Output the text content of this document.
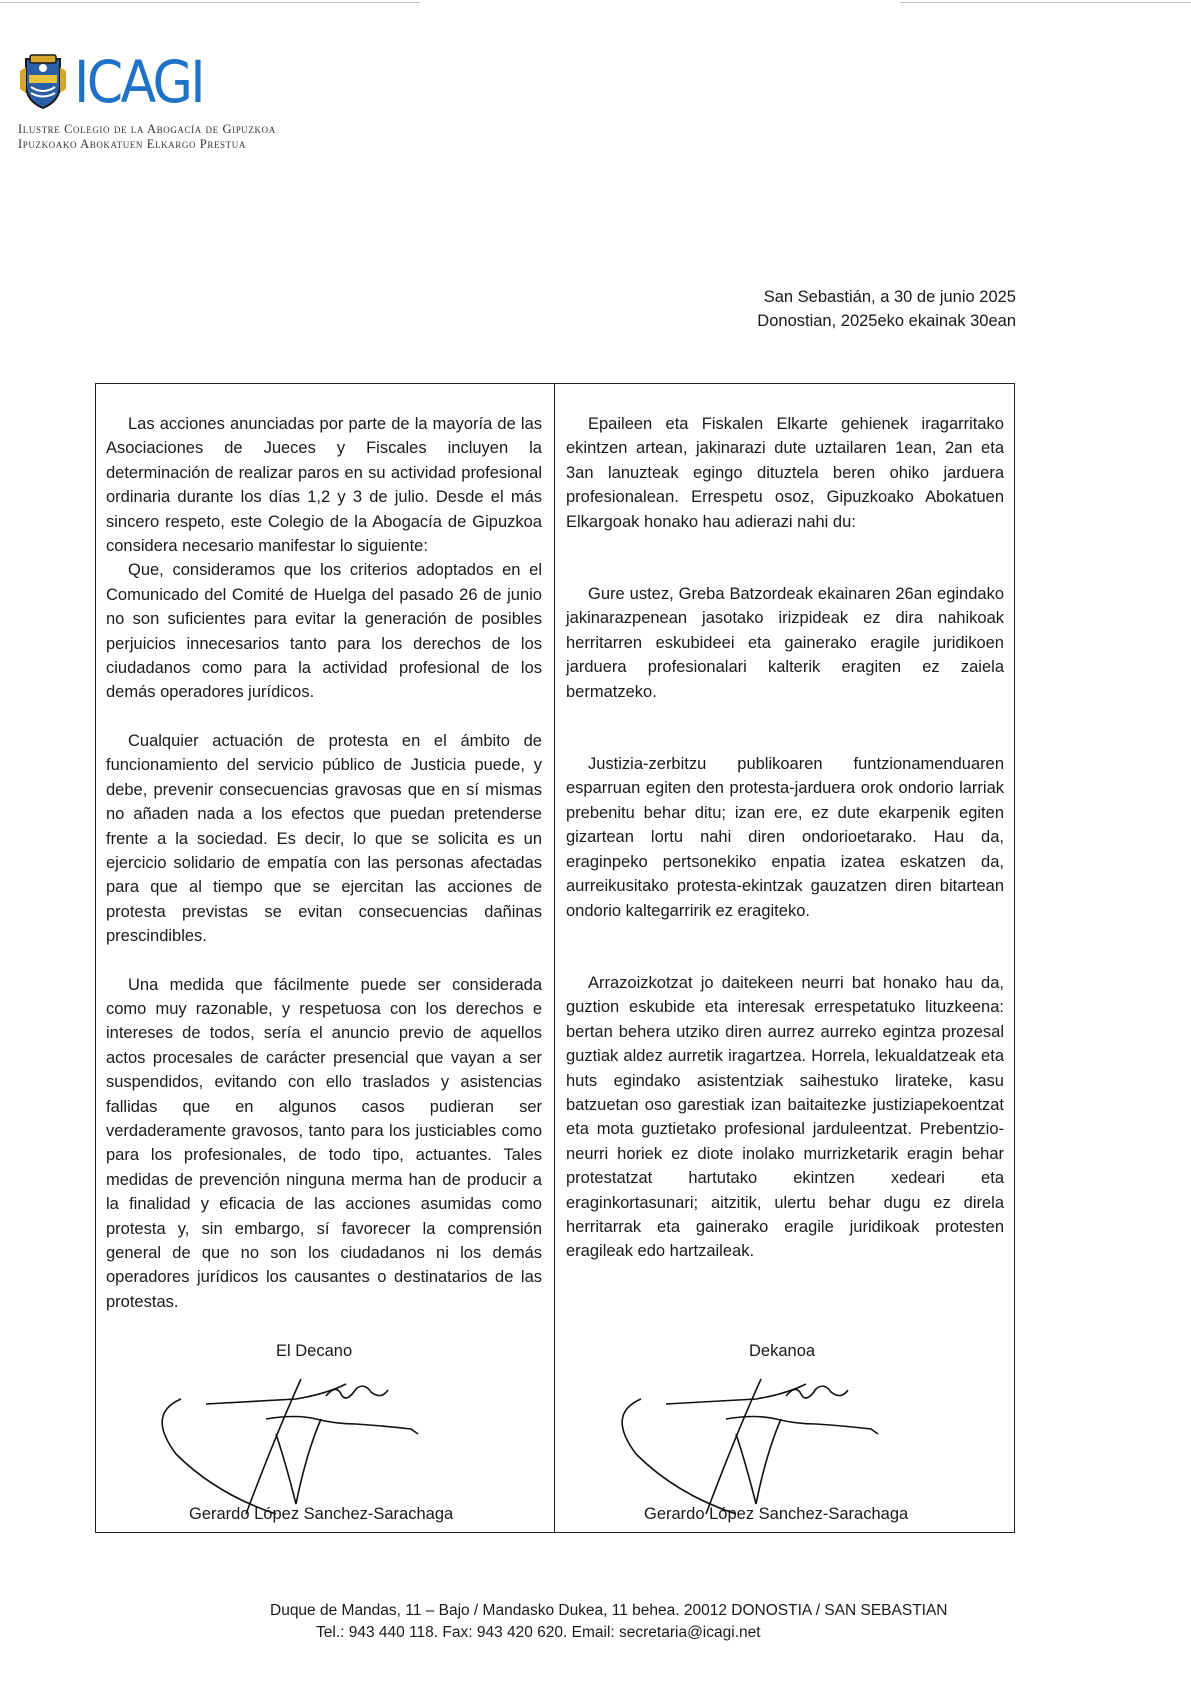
ICAGI
Ilustre Colegio de la Abogacía de Gipuzkoa
Ipuzkoako Abokatuen Elkargo Prestua
San Sebastián, a 30 de junio 2025
Donostian, 2025eko ekainak 30ean

Las acciones anunciadas por parte de la mayoría de las Asociaciones de Jueces y Fiscales incluyen la determinación de realizar paros en su actividad profesional ordinaria durante los días 1,2 y 3 de julio. Desde el más sincero respeto, este Colegio de la Abogacía de Gipuzkoa considera necesario manifestar lo siguiente:

Que, consideramos que los criterios adoptados en el Comunicado del Comité de Huelga del pasado 26 de junio no son suficientes para evitar la generación de posibles perjuicios innecesarios tanto para los derechos de los ciudadanos como para la actividad profesional de los demás operadores jurídicos.

Cualquier actuación de protesta en el ámbito de funcionamiento del servicio público de Justicia puede, y debe, prevenir consecuencias gravosas que en sí mismas no añaden nada a los efectos que puedan pretenderse frente a la sociedad. Es decir, lo que se solicita es un ejercicio solidario de empatía con las personas afectadas para que al tiempo que se ejercitan las acciones de protesta previstas se evitan consecuencias dañinas prescindibles.

Una medida que fácilmente puede ser considerada como muy razonable, y respetuosa con los derechos e intereses de todos, sería el anuncio previo de aquellos actos procesales de carácter presencial que vayan a ser suspendidos, evitando con ello traslados y asistencias fallidas que en algunos casos pudieran ser verdaderamente gravosos, tanto para los justiciables como para los profesionales, de todo tipo, actuantes. Tales medidas de prevención ninguna merma han de producir a la finalidad y eficacia de las acciones asumidas como protesta y, sin embargo, sí favorecer la comprensión general de que no son los ciudadanos ni los demás operadores jurídicos los causantes o destinatarios de las protestas.

Epaileen eta Fiskalen Elkarte gehienek iragarritako ekintzen artean, jakinarazi dute uztailaren 1ean, 2an eta 3an lanuzteak egingo dituztela beren ohiko jarduera profesionalean. Errespetu osoz, Gipuzkoako Abokatuen Elkargoak honako hau adierazi nahi du:

Gure ustez, Greba Batzordeak ekainaren 26an egindako jakinarazpenean jasotako irizpideak ez dira nahikoak herritarren eskubideei eta gainerako eragile juridikoen jarduera profesionalari kalterik eragiten ez zaiela bermatzeko.

Justizia-zerbitzu publikoaren funtzionamenduaren esparruan egiten den protesta-jarduera orok ondorio larriak prebenitu behar ditu; izan ere, ez dute ekarpenik egiten gizartean lortu nahi diren ondorioetarako. Hau da, eraginpeko pertsonekiko enpatia izatea eskatzen da, aurreikusitako protesta-ekintzak gauzatzen diren bitartean ondorio kaltegarririk ez eragiteko.

Arrazoizkotzat jo daitekeen neurri bat honako hau da, guztion eskubide eta interesak errespetatuko lituzkeena: bertan behera utziko diren aurrez aurreko egintza prozesal guztiak aldez aurretik iragartzea. Horrela, lekualdatzeak eta huts egindako asistentziak saihestuko lirateke, kasu batzuetan oso garestiak izan baitaitezke justiziapekoentzat eta mota guztietako profesional jarduleentzat. Prebentzio-neurri horiek ez diote inolako murrizketarik eragin behar protestatzat hartutako ekintzen xedeari eta eraginkortasunari; aitzitik, ulertu behar dugu ez direla herritarrak eta gainerako eragile juridikoak protesten eragileak edo hartzaileak.

El Decano
Gerardo López Sanchez-Sarachaga
Dekanoa
Gerardo López Sanchez-Sarachaga
Duque de Mandas, 11 – Bajo / Mandasko Dukea, 11 behea. 20012 DONOSTIA / SAN SEBASTIAN
Tel.: 943 440 118. Fax: 943 420 620. Email: secretaria@icagi.net
